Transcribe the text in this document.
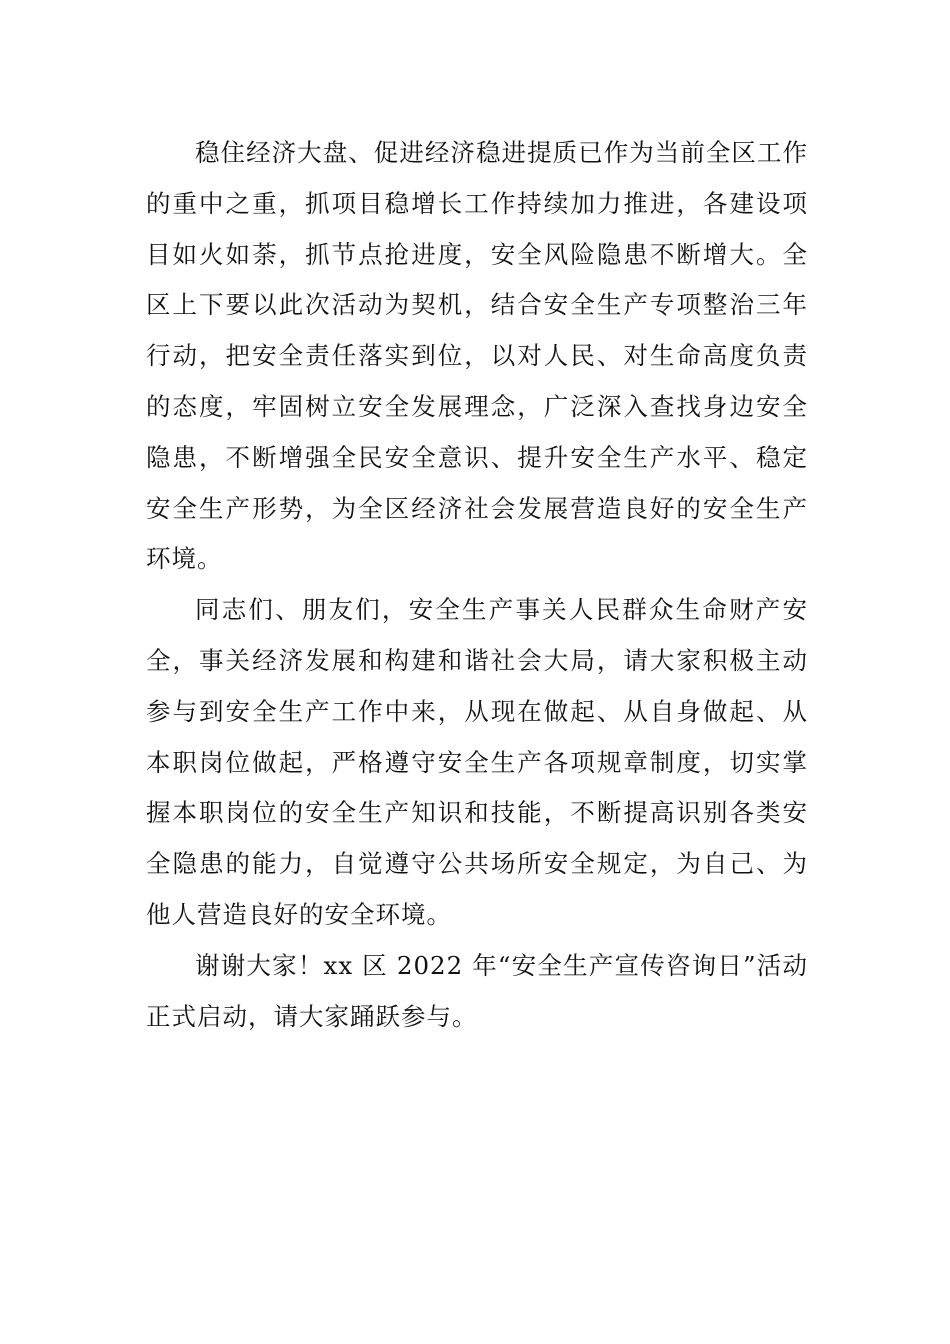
稳住经济大盘、促进经济稳进提质已作为当前全区工作的重中之重，抓项目稳增长工作持续加力推进，各建设项目如火如荼，抓节点抢进度，安全风险隐患不断增大。全区上下要以此次活动为契机，结合安全生产专项整治三年行动，把安全责任落实到位，以对人民、对生命高度负责的态度，牢固树立安全发展理念，广泛深入查找身边安全隐患，不断增强全民安全意识、提升安全生产水平、稳定安全生产形势，为全区经济社会发展营造良好的安全生产环境。

同志们、朋友们，安全生产事关人民群众生命财产安全，事关经济发展和构建和谐社会大局，请大家积极主动参与到安全生产工作中来，从现在做起、从自身做起、从本职岗位做起，严格遵守安全生产各项规章制度，切实掌握本职岗位的安全生产知识和技能，不断提高识别各类安全隐患的能力，自觉遵守公共场所安全规定，为自己、为他人营造良好的安全环境。

谢谢大家！xx 区 2022 年“安全生产宣传咨询日”活动正式启动，请大家踊跃参与。
